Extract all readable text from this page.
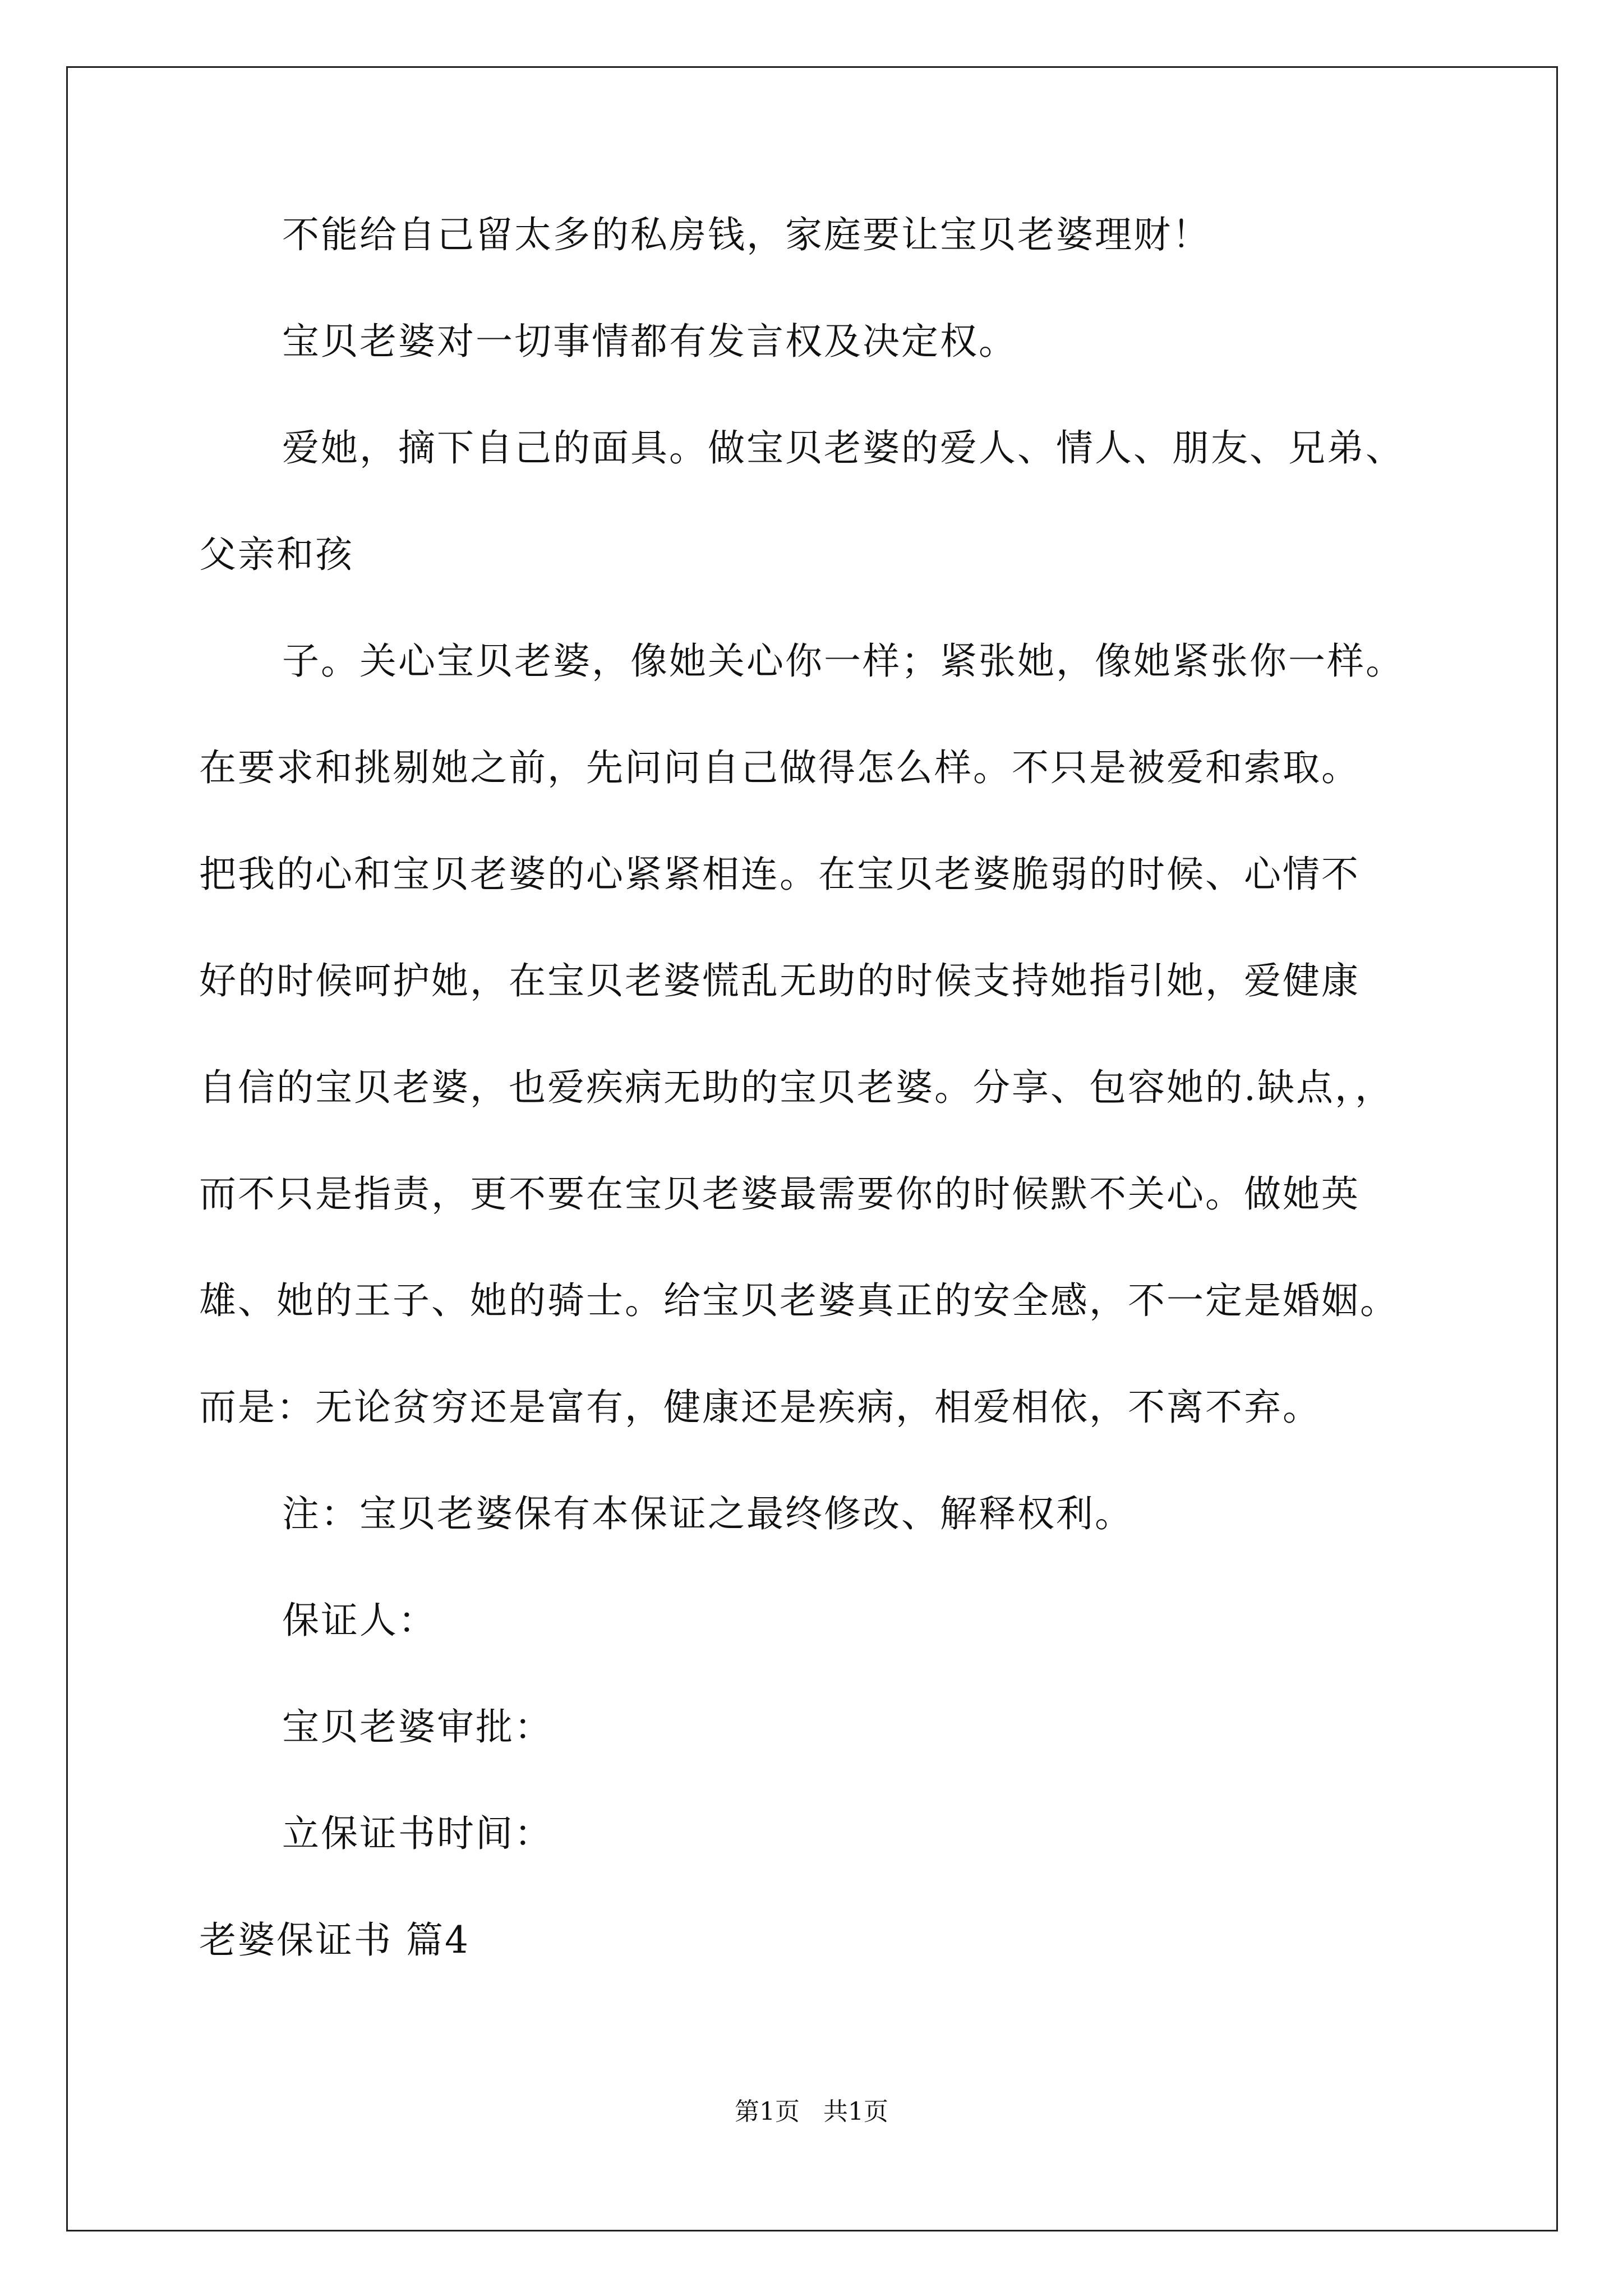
不能给自己留太多的私房钱，家庭要让宝贝老婆理财！
宝贝老婆对一切事情都有发言权及决定权。
爱她，摘下自己的面具。做宝贝老婆的爱人、情人、朋友、兄弟、
父亲和孩
子。关心宝贝老婆，像她关心你一样；紧张她，像她紧张你一样。
在要求和挑剔她之前，先问问自己做得怎么样。不只是被爱和索取。
把我的心和宝贝老婆的心紧紧相连。在宝贝老婆脆弱的时候、心情不
好的时候呵护她，在宝贝老婆慌乱无助的时候支持她指引她，爱健康
自信的宝贝老婆，也爱疾病无助的宝贝老婆。分享、包容她的.缺点，，
而不只是指责，更不要在宝贝老婆最需要你的时候默不关心。做她英
雄、她的王子、她的骑士。给宝贝老婆真正的安全感，不一定是婚姻。
而是：无论贫穷还是富有，健康还是疾病，相爱相依，不离不弃。
注：宝贝老婆保有本保证之最终修改、解释权利。
保证人：
宝贝老婆审批：
立保证书时间：
老婆保证书 篇4
第1页   共1页
